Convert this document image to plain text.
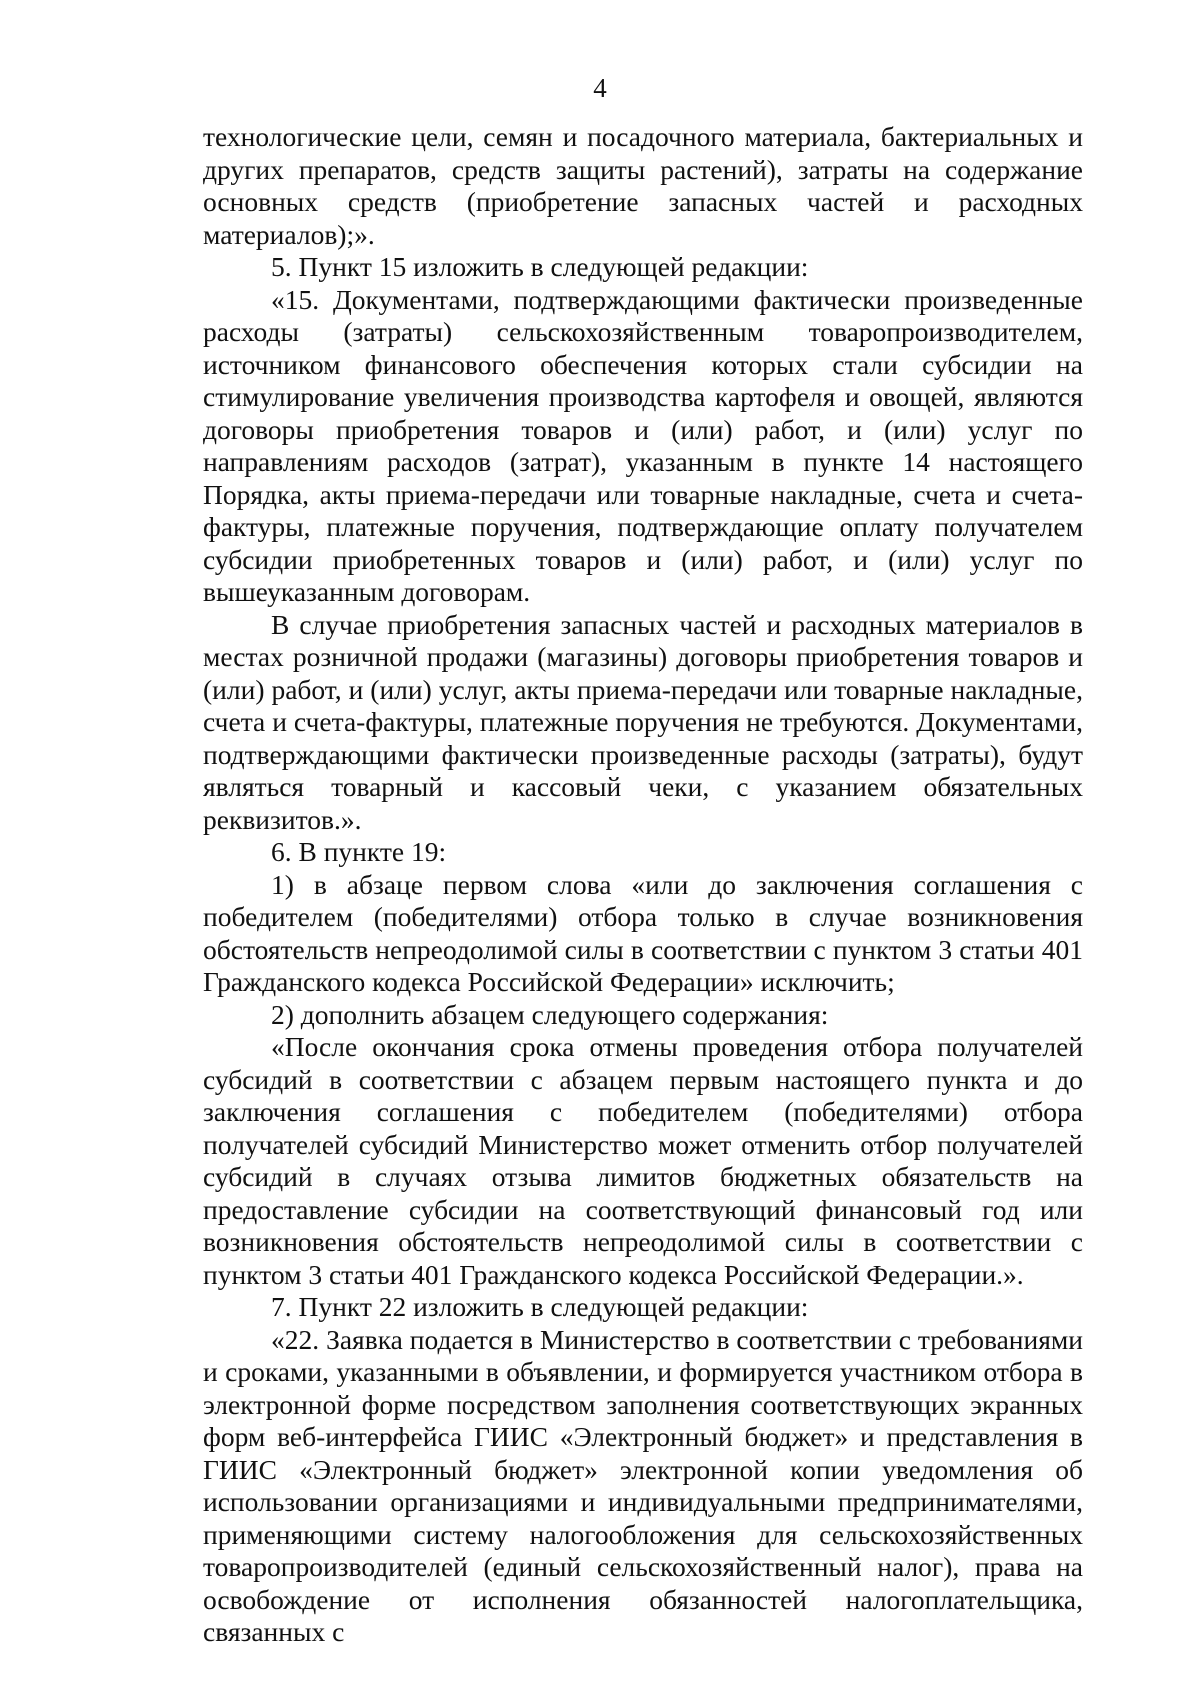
4

технологические цели, семян и посадочного материала, бактериальных и других препаратов, средств защиты растений), затраты на содержание основных средств (приобретение запасных частей и расходных материалов);».

5. Пункт 15 изложить в следующей редакции:

«15. Документами, подтверждающими фактически произведенные расходы (затраты) сельскохозяйственным товаропроизводителем, источником финансового обеспечения которых стали субсидии на стимулирование увеличения производства картофеля и овощей, являются договоры приобретения товаров и (или) работ, и (или) услуг по направлениям расходов (затрат), указанным в пункте 14 настоящего Порядка, акты приема-передачи или товарные накладные, счета и счета-фактуры, платежные поручения, подтверждающие оплату получателем субсидии приобретенных товаров и (или) работ, и (или) услуг по вышеуказанным договорам.

В случае приобретения запасных частей и расходных материалов в местах розничной продажи (магазины) договоры приобретения товаров и (или) работ, и (или) услуг, акты приема-передачи или товарные накладные, счета и счета-фактуры, платежные поручения не требуются. Документами, подтверждающими фактически произведенные расходы (затраты), будут являться товарный и кассовый чеки, с указанием обязательных реквизитов.».

6. В пункте 19:

1) в абзаце первом слова «или до заключения соглашения с победителем (победителями) отбора только в случае возникновения обстоятельств непреодолимой силы в соответствии с пунктом 3 статьи 401 Гражданского кодекса Российской Федерации» исключить;

2) дополнить абзацем следующего содержания:

«После окончания срока отмены проведения отбора получателей субсидий в соответствии с абзацем первым настоящего пункта и до заключения соглашения с победителем (победителями) отбора получателей субсидий Министерство может отменить отбор получателей субсидий в случаях отзыва лимитов бюджетных обязательств на предоставление субсидии на соответствующий финансовый год или возникновения обстоятельств непреодолимой силы в соответствии с пунктом 3 статьи 401 Гражданского кодекса Российской Федерации.».

7. Пункт 22 изложить в следующей редакции:

«22. Заявка подается в Министерство в соответствии с требованиями и сроками, указанными в объявлении, и формируется участником отбора в электронной форме посредством заполнения соответствующих экранных форм веб-интерфейса ГИИС «Электронный бюджет» и представления в ГИИС «Электронный бюджет» электронной копии уведомления об использовании организациями и индивидуальными предпринимателями, применяющими систему налогообложения для сельскохозяйственных товаропроизводителей (единый сельскохозяйственный налог), права на освобождение от исполнения обязанностей налогоплательщика, связанных с
